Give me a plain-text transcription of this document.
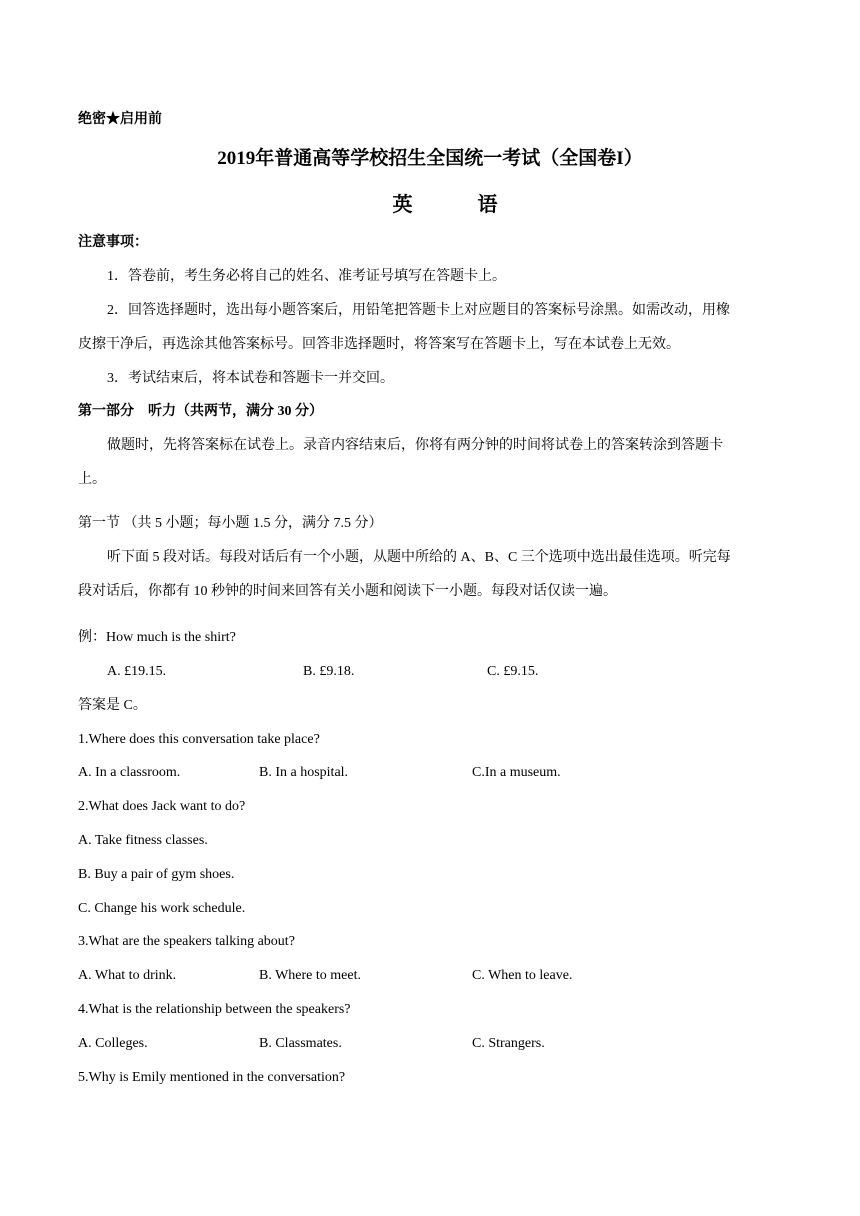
绝密★启用前
2019年普通高等学校招生全国统一考试（全国卷I）
英 语
注意事项：
1．答卷前，考生务必将自己的姓名、准考证号填写在答题卡上。
2．回答选择题时，选出每小题答案后，用铅笔把答题卡上对应题目的答案标号涂黑。如需改动，用橡
皮擦干净后，再选涂其他答案标号。回答非选择题时，将答案写在答题卡上，写在本试卷上无效。
3．考试结束后，将本试卷和答题卡一并交回。
第一部分　听力（共两节，满分 30 分）
做题时，先将答案标在试卷上。录音内容结束后，你将有两分钟的时间将试卷上的答案转涂到答题卡
上。
第一节 （共 5 小题；每小题 1.5 分，满分 7.5 分）
听下面 5 段对话。每段对话后有一个小题，从题中所给的 A、B、C 三个选项中选出最佳选项。听完每
段对话后，你都有 10 秒钟的时间来回答有关小题和阅读下一小题。每段对话仅读一遍。
例：How much is the shirt?
A. £19.15.	B. £9.18.	C. £9.15.
答案是 C。
1.Where does this conversation take place?
A. In a classroom.	B. In a hospital.	C.In a museum.
2.What does Jack want to do?
A. Take fitness classes.
B. Buy a pair of gym shoes.
C. Change his work schedule.
3.What are the speakers talking about?
A. What to drink.	B. Where to meet.	C. When to leave.
4.What is the relationship between the speakers?
A. Colleges.	B. Classmates.	C. Strangers.
5.Why is Emily mentioned in the conversation?
